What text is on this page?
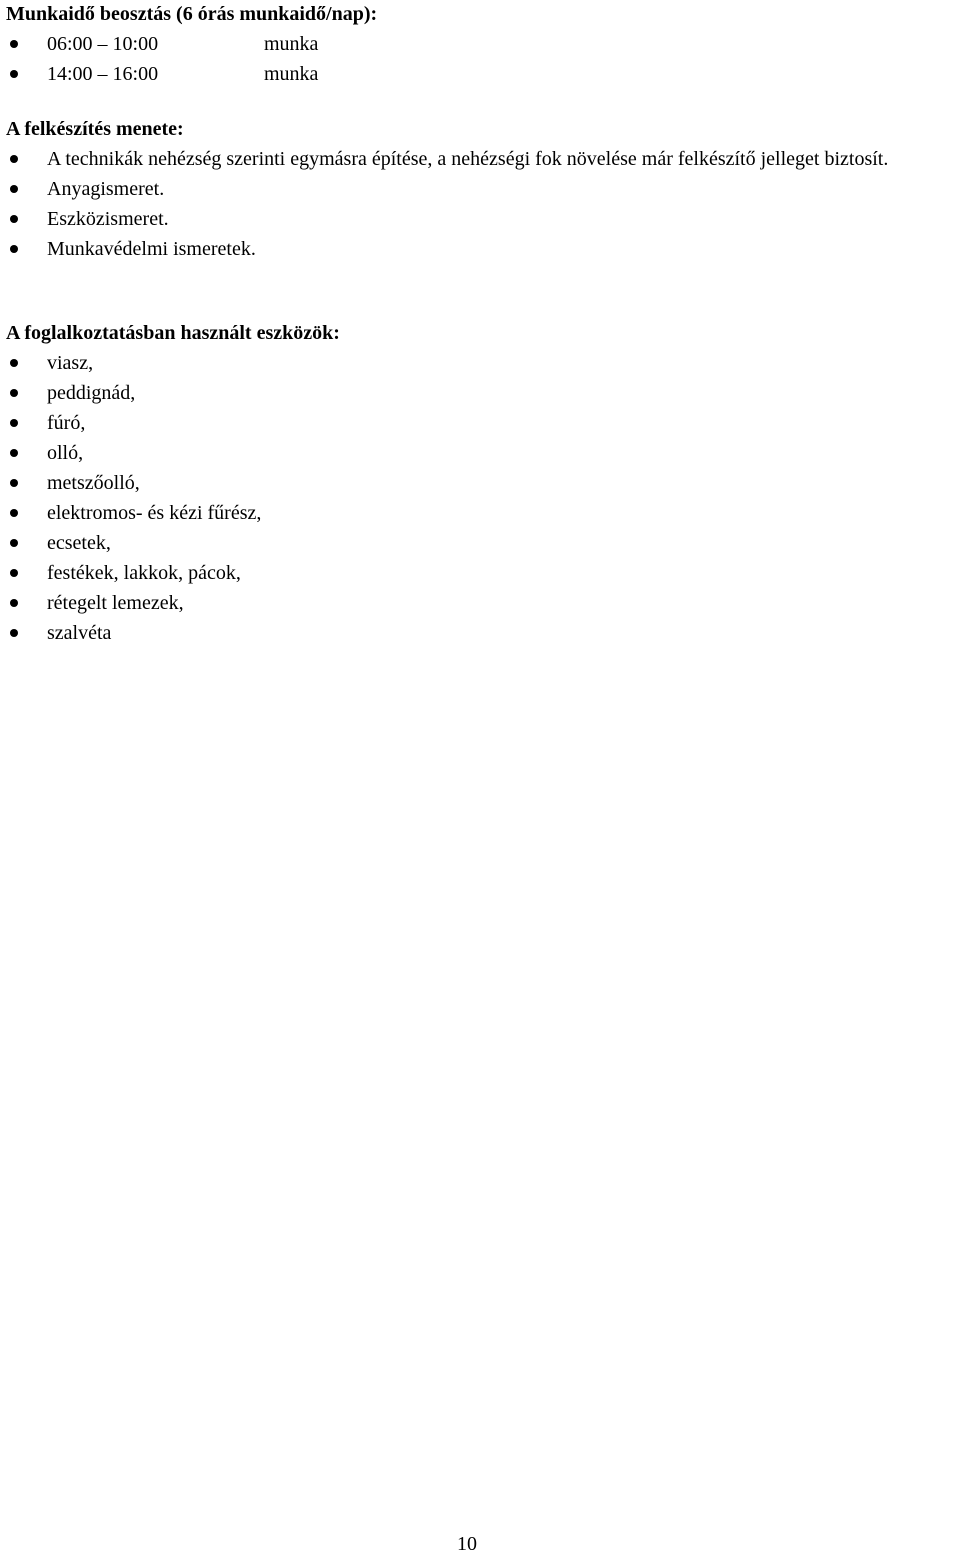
Munkaidő beosztás (6 órás munkaidő/nap):
06:00 – 10:00	munka
14:00 – 16:00	munka
A felkészítés menete:
A technikák nehézség szerinti egymásra építése, a nehézségi fok növelése már felkészítő jelleget biztosít.
Anyagismeret.
Eszközismeret.
Munkavédelmi ismeretek.
A foglalkoztatásban használt eszközök:
viasz,
peddignád,
fúró,
olló,
metszőolló,
elektromos- és kézi fűrész,
ecsetek,
festékek, lakkok, pácok,
rétegelt lemezek,
szalvéta
10
